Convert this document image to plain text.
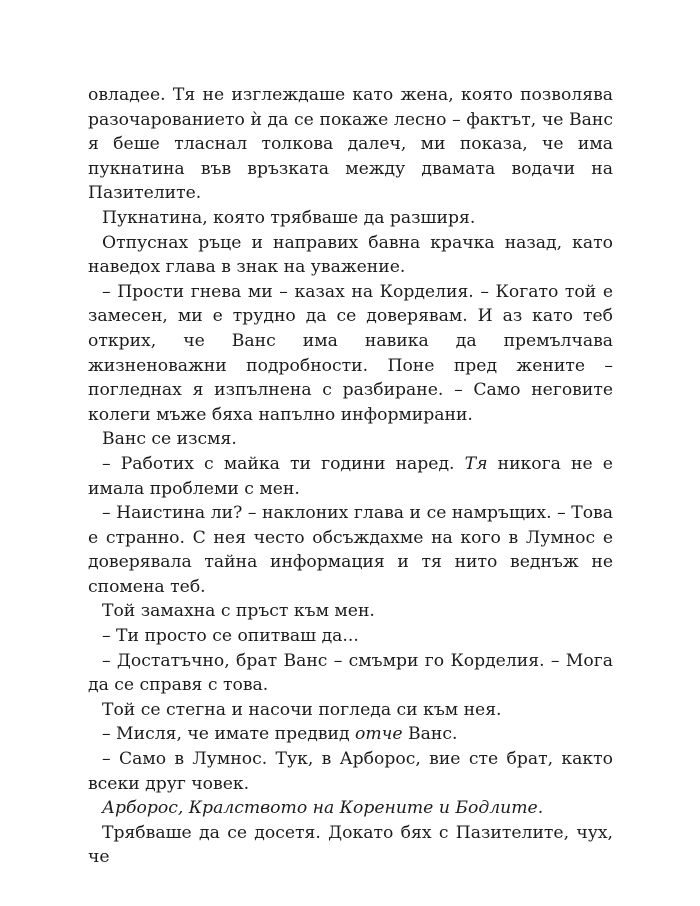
овладее. Тя не изглеждаше като жена, която позволява разочарованието ѝ да се покаже лесно – фактът, че Ванс я беше тласнал толкова далеч, ми показа, че има пукнатина във връзката между двамата водачи на Пазителите.

Пукнатина, която трябваше да разширя.

Отпуснах ръце и направих бавна крачка назад, като наведох глава в знак на уважение.

– Прости гнева ми – казах на Корделия. – Когато той е замесен, ми е трудно да се доверявам. И аз като теб открих, че Ванс има навика да премълчава жизненоважни подробности. Поне пред жените – погледнах я изпълнена с разбиране. – Само неговите колеги мъже бяха напълно информирани.

Ванс се изсмя.

– Работих с майка ти години наред. Тя никога не е имала проблеми с мен.

– Наистина ли? – наклоних глава и се намръщих. – Това е странно. С нея често обсъждахме на кого в Лумнос е доверявала тайна информация и тя нито веднъж не спомена теб.

Той замахна с пръст към мен.

– Ти просто се опитваш да...

– Достатъчно, брат Ванс – смъмри го Корделия. – Мога да се справя с това.

Той се стегна и насочи погледа си към нея.

– Мисля, че имате предвид отче Ванс.

– Само в Лумнос. Тук, в Арборос, вие сте брат, както всеки друг човек.

Арборос, Кралството на Корените и Бодлите.

Трябваше да се досетя. Докато бях с Пазителите, чух, че
